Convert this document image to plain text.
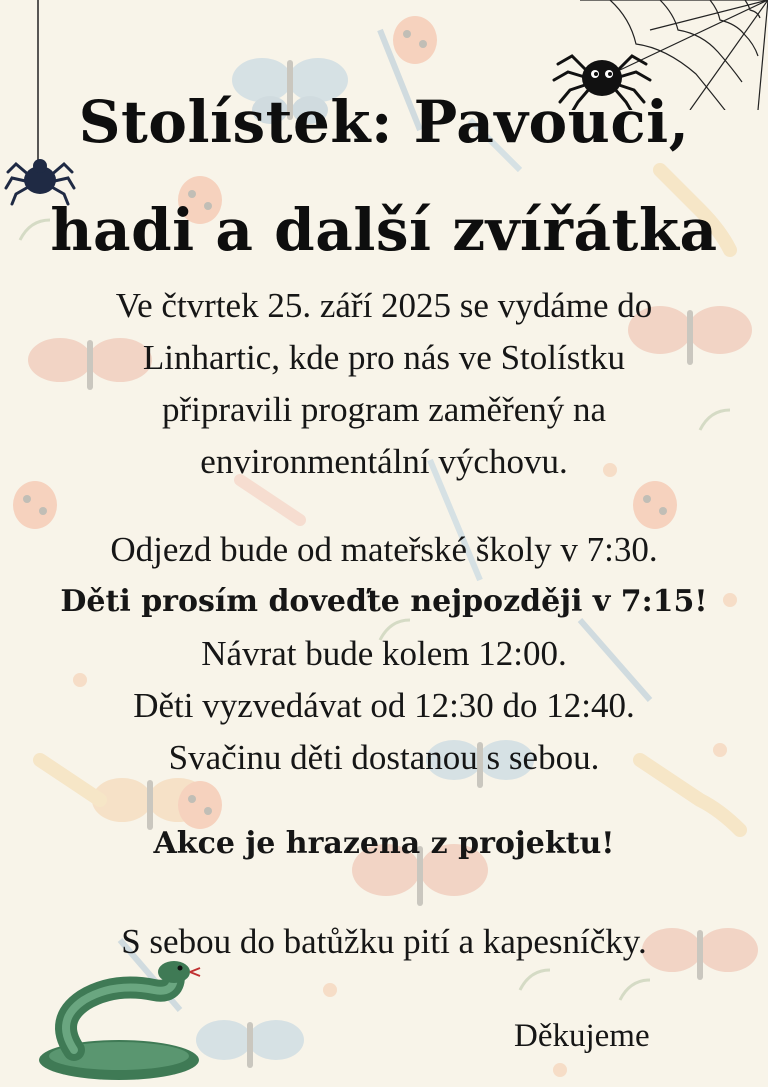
Stolístek: Pavouci,
hadi a další zvířátka
Ve čtvrtek 25. září 2025 se vydáme do
Linhartic, kde pro nás ve Stolístku
připravili program zaměřený na
environmentální výchovu.
Odjezd bude od mateřské školy v 7:30.
Děti prosím doveďte nejpozději v 7:15!
Návrat bude kolem 12:00.
Děti vyzvedávat od 12:30 do 12:40.
Svačinu děti dostanou s sebou.
Akce je hrazena z projektu!
S sebou do batůžku pití a kapesníčky.
Děkujeme
